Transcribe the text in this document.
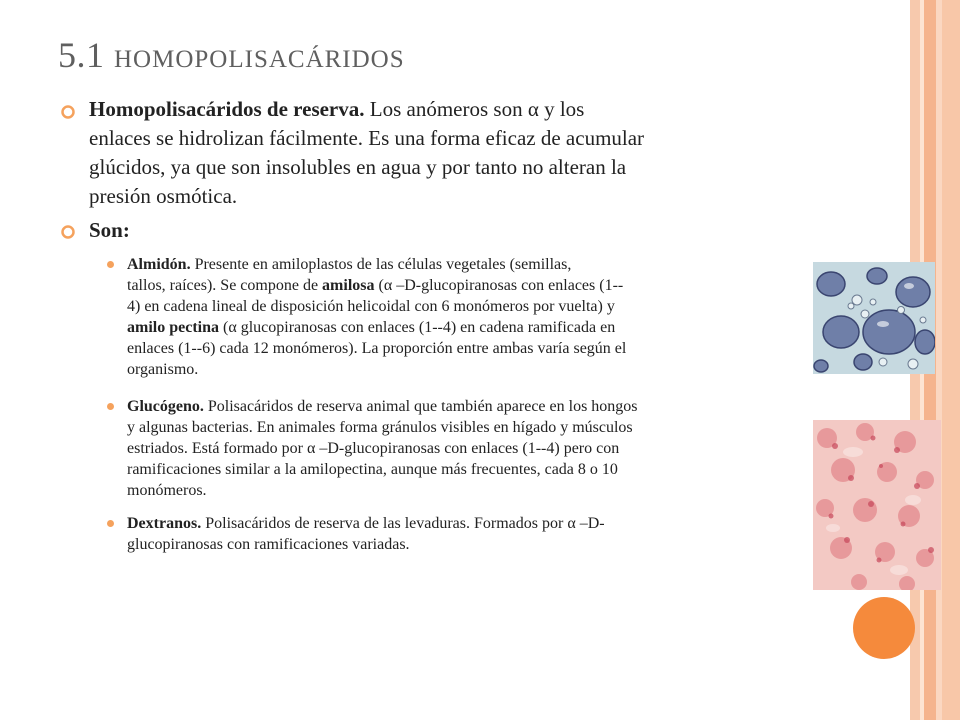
5.1 HOMOPOLISACÁRIDOS
Homopolisacáridos de reserva. Los anómeros son α y los
enlaces se hidrolizan fácilmente. Es una forma eficaz de acumular
glúcidos, ya que son insolubles en agua y por tanto no alteran la
presión osmótica.
Son:
Almidón. Presente en amiloplastos de las células vegetales (semillas,
tallos, raíces). Se compone de amilosa (α –D-glucopiranosas con enlaces (1--
4) en cadena lineal de disposición helicoidal con 6 monómeros por vuelta) y
amilo pectina (α glucopiranosas con enlaces (1--4) en cadena ramificada en
enlaces (1--6) cada 12 monómeros). La proporción entre ambas varía según el
organismo.
Glucógeno. Polisacáridos de reserva animal que también aparece en los hongos
y algunas bacterias. En animales forma gránulos visibles en hígado y músculos
estriados. Está formado por α –D-glucopiranosas con enlaces (1--4) pero con
ramificaciones similar a la amilopectina, aunque más frecuentes, cada 8 o 10
monómeros.
Dextranos. Polisacáridos de reserva de las levaduras. Formados por α –D-
glucopiranosas con ramificaciones variadas.
